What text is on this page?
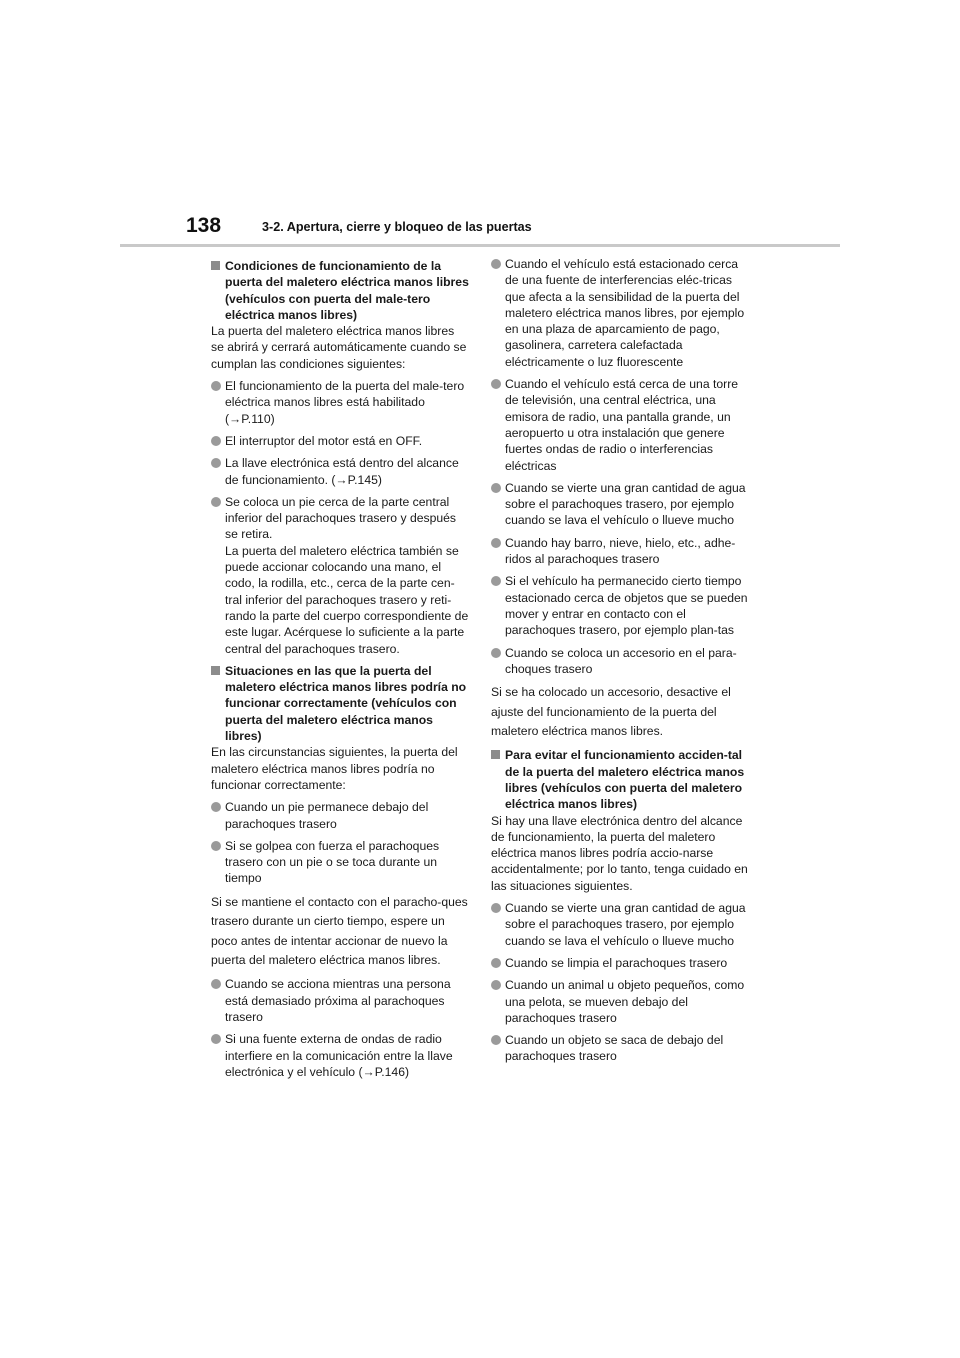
138	3-2. Apertura, cierre y bloqueo de las puertas
Condiciones de funcionamiento de la puerta del maletero eléctrica manos libres (vehículos con puerta del male-tero eléctrica manos libres)

La puerta del maletero eléctrica manos libres se abrirá y cerrará automáticamente cuando se cumplan las condiciones siguientes:

El funcionamiento de la puerta del male-tero eléctrica manos libres está habilitado (→P.110)
El interruptor del motor está en OFF.
La llave electrónica está dentro del alcance de funcionamiento. (→P.145)
Se coloca un pie cerca de la parte central inferior del parachoques trasero y después se retira.
La puerta del maletero eléctrica también se puede accionar colocando una mano, el codo, la rodilla, etc., cerca de la parte cen-tral inferior del parachoques trasero y reti-rando la parte del cuerpo correspondiente de este lugar. Acérquese lo suficiente a la parte central del parachoques trasero.
Situaciones en las que la puerta del maletero eléctrica manos libres podría no funcionar correctamente (vehículos con puerta del maletero eléctrica manos libres)

En las circunstancias siguientes, la puerta del maletero eléctrica manos libres podría no funcionar correctamente:

Cuando un pie permanece debajo del parachoques trasero
Si se golpea con fuerza el parachoques trasero con un pie o se toca durante un tiempo

Si se mantiene el contacto con el paracho-ques trasero durante un cierto tiempo, espere un poco antes de intentar accionar de nuevo la puerta del maletero eléctrica manos libres.

Cuando se acciona mientras una persona está demasiado próxima al parachoques trasero
Si una fuente externa de ondas de radio interfiere en la comunicación entre la llave electrónica y el vehículo (→P.146)
Cuando el vehículo está estacionado cerca de una fuente de interferencias eléc-tricas que afecta a la sensibilidad de la puerta del maletero eléctrica manos libres, por ejemplo en una plaza de aparcamiento de pago, gasolinera, carretera calefactada eléctricamente o luz fluorescente
Cuando el vehículo está cerca de una torre de televisión, una central eléctrica, una emisora de radio, una pantalla grande, un aeropuerto u otra instalación que genere fuertes ondas de radio o interferencias eléctricas
Cuando se vierte una gran cantidad de agua sobre el parachoques trasero, por ejemplo cuando se lava el vehículo o llueve mucho
Cuando hay barro, nieve, hielo, etc., adhe-ridos al parachoques trasero
Si el vehículo ha permanecido cierto tiempo estacionado cerca de objetos que se pueden mover y entrar en contacto con el parachoques trasero, por ejemplo plan-tas
Cuando se coloca un accesorio en el para-choques trasero

Si se ha colocado un accesorio, desactive el ajuste del funcionamiento de la puerta del maletero eléctrica manos libres.

Para evitar el funcionamiento acciden-tal de la puerta del maletero eléctrica manos libres (vehículos con puerta del maletero eléctrica manos libres)

Si hay una llave electrónica dentro del alcance de funcionamiento, la puerta del maletero eléctrica manos libres podría accio-narse accidentalmente; por lo tanto, tenga cuidado en las situaciones siguientes.

Cuando se vierte una gran cantidad de agua sobre el parachoques trasero, por ejemplo cuando se lava el vehículo o llueve mucho
Cuando se limpia el parachoques trasero
Cuando un animal u objeto pequeños, como una pelota, se mueven debajo del parachoques trasero
Cuando un objeto se saca de debajo del parachoques trasero
